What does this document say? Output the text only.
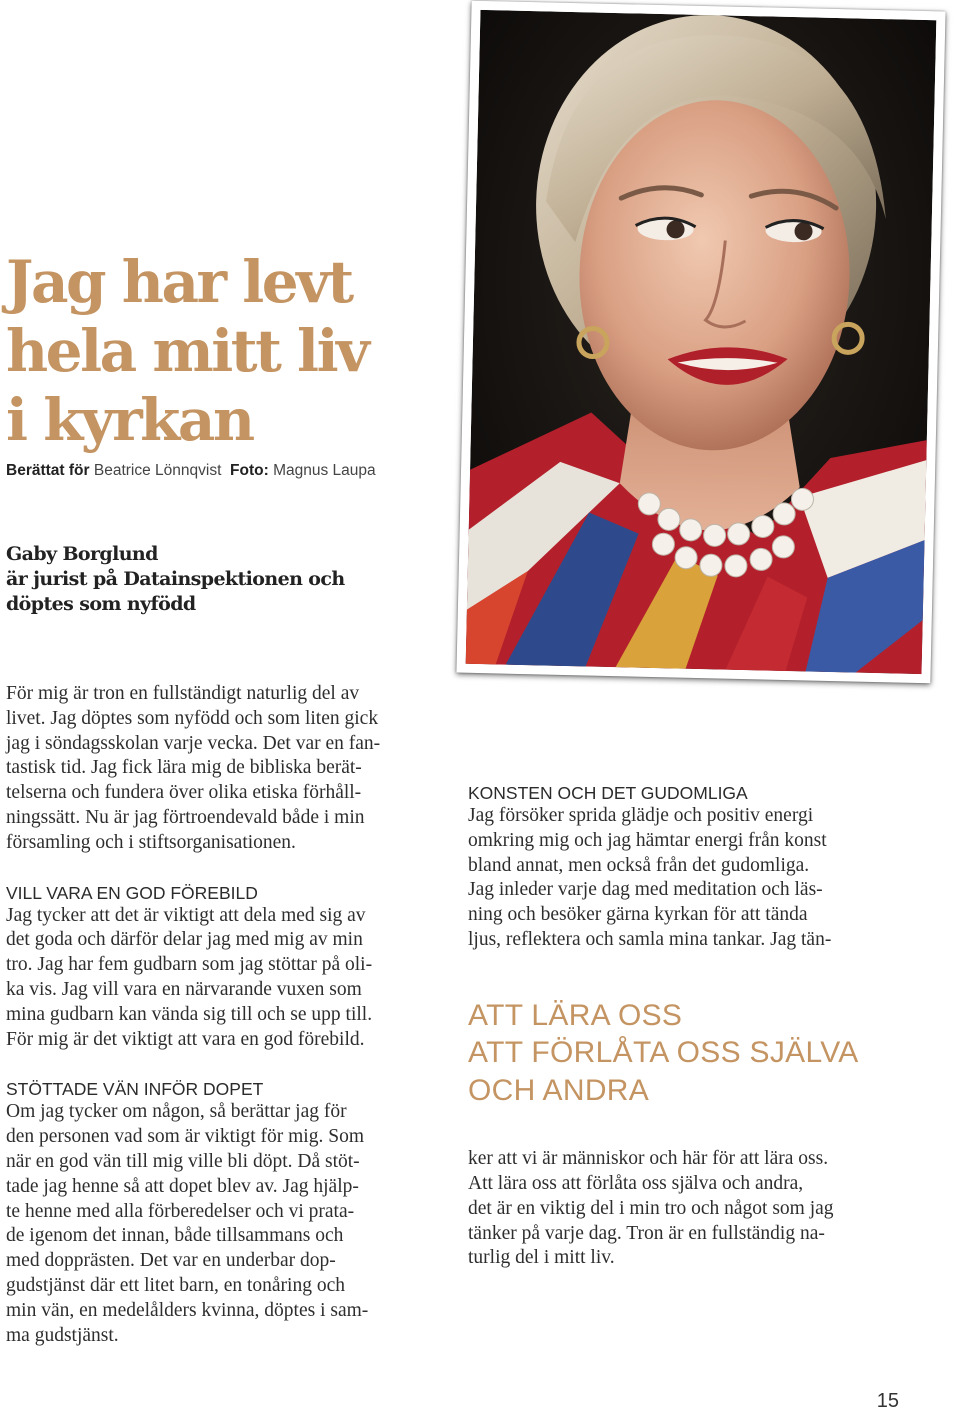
Jag har levt
hela mitt liv
i kyrkan
Berättat för Beatrice Lönnqvist Foto: Magnus Laupa
Gaby Borglund
är jurist på Datainspektionen och
döptes som nyfödd

För mig är tron en fullständigt naturlig del av
livet. Jag döptes som nyfödd och som liten gick
jag i söndagsskolan varje vecka. Det var en fan-
tastisk tid. Jag fick lära mig de bibliska berät-
telserna och fundera över olika etiska förhåll-
ningssätt. Nu är jag förtroendevald både i min
församling och i stiftsorganisationen.

VILL VARA EN GOD FÖREBILD

Jag tycker att det är viktigt att dela med sig av
det goda och därför delar jag med mig av min
tro. Jag har fem gudbarn som jag stöttar på oli-
ka vis. Jag vill vara en närvarande vuxen som
mina gudbarn kan vända sig till och se upp till.
För mig är det viktigt att vara en god förebild.

STÖTTADE VÄN INFÖR DOPET

Om jag tycker om någon, så berättar jag för
den personen vad som är viktigt för mig. Som
när en god vän till mig ville bli döpt. Då stöt-
tade jag henne så att dopet blev av. Jag hjälp-
te henne med alla förberedelser och vi prata-
de igenom det innan, både tillsammans och
med dopprästen. Det var en underbar dop-
gudstjänst där ett litet barn, en tonåring och
min vän, en medelålders kvinna, döptes i sam-
ma gudstjänst.

KONSTEN OCH DET GUDOMLIGA

Jag försöker sprida glädje och positiv energi
omkring mig och jag hämtar energi från konst
bland annat, men också från det gudomliga.
Jag inleder varje dag med meditation och läs-
ning och besöker gärna kyrkan för att tända
ljus, reflektera och samla mina tankar. Jag tän-

ATT LÄRA OSS
ATT FÖRLÅTA OSS SJÄLVA
OCH ANDRA

ker att vi är människor och här för att lära oss.
Att lära oss att förlåta oss själva och andra,
det är en viktig del i min tro och något som jag
tänker på varje dag. Tron är en fullständig na-
turlig del i mitt liv.

15
